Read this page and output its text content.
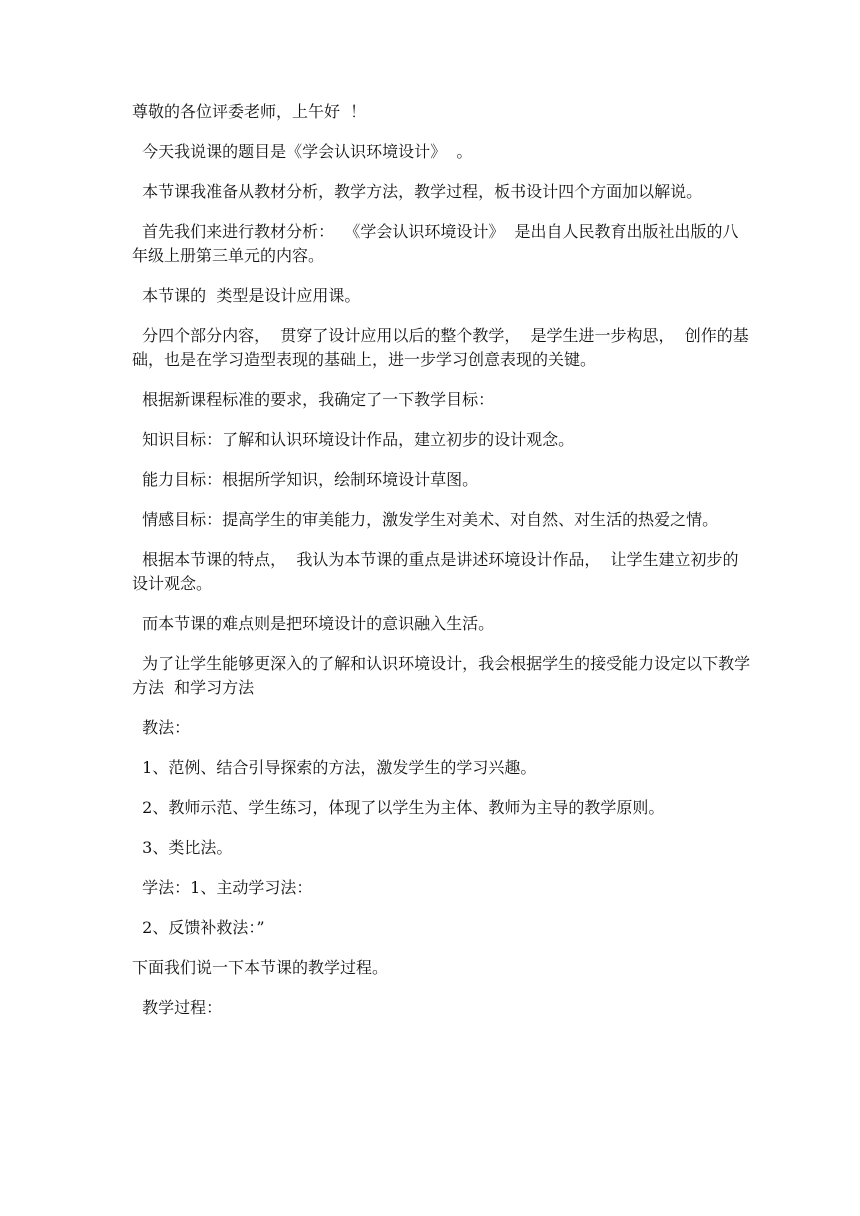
尊敬的各位评委老师，上午好  ！

今天我说课的题目是《学会认识环境设计》  。

本节课我准备从教材分析，教学方法，教学过程，板书设计四个方面加以解说。

首先我们来进行教材分析：  《学会认识环境设计》  是出自人民教育出版社出版的八年级上册第三单元的内容。

本节课的  类型是设计应用课。

分四个部分内容，  贯穿了设计应用以后的整个教学，  是学生进一步构思，  创作的基础，也是在学习造型表现的基础上，进一步学习创意表现的关键。

根据新课程标准的要求，我确定了一下教学目标：

知识目标：了解和认识环境设计作品，建立初步的设计观念。

能力目标：根据所学知识，绘制环境设计草图。

情感目标：提高学生的审美能力，激发学生对美术、对自然、对生活的热爱之情。

根据本节课的特点，  我认为本节课的重点是讲述环境设计作品，  让学生建立初步的设计观念。

而本节课的难点则是把环境设计的意识融入生活。

为了让学生能够更深入的了解和认识环境设计，我会根据学生的接受能力设定以下教学方法  和学习方法

教法：

1、范例、结合引导探索的方法，激发学生的学习兴趣。

2、教师示范、学生练习，体现了以学生为主体、教师为主导的教学原则。

3、类比法。

学法：1、主动学习法：

2、反馈补救法：”

下面我们说一下本节课的教学过程。

教学过程：
